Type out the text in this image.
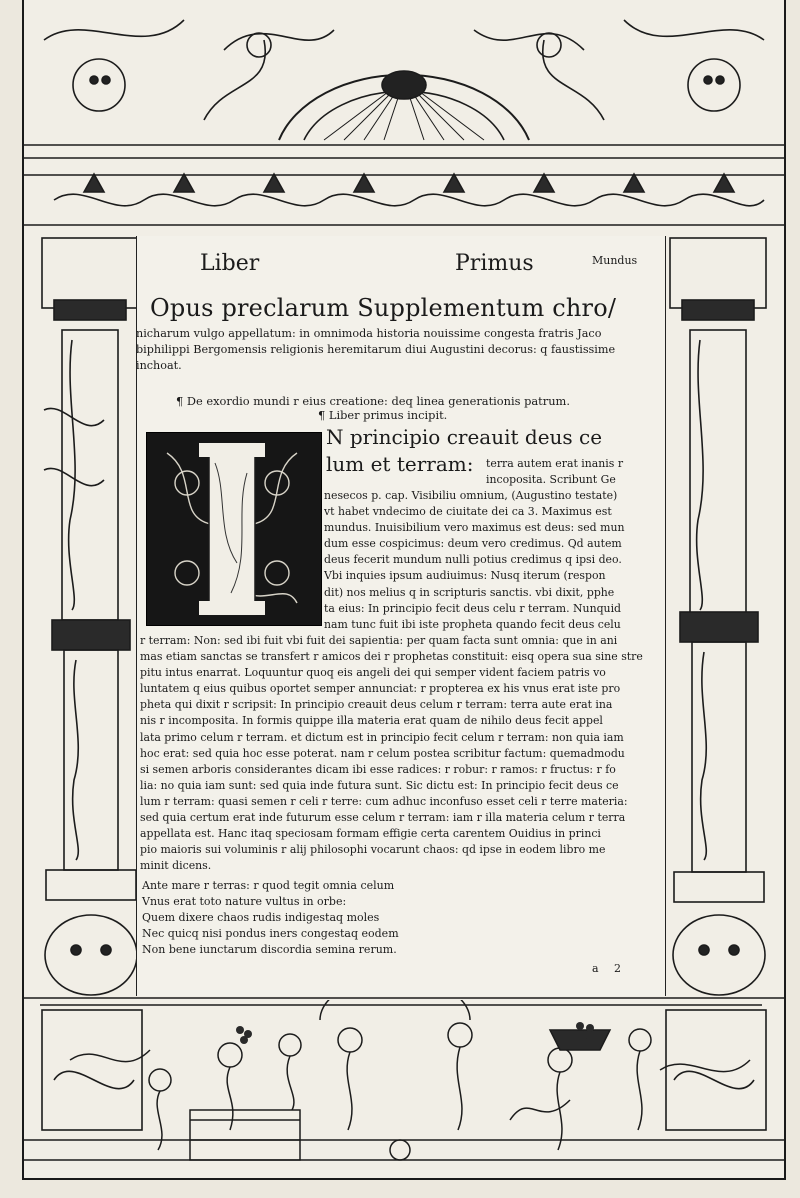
Liber	Primus	Mundus
Opus preclarum Supplementum chro/
nicharum vulgo appellatum: in omnimoda historia nouissime congesta fratris Jaco
biphilippi Bergomensis religionis heremitarum diui Augustini decorus: q faustissime
inchoat.
¶ De exordio mundi r eius creatione: deq linea generationis patrum.
¶ Liber primus incipit.
N principio creauit deus ce
lum et terram:	terra autem erat inanis r
incoposita. Scribunt Ge
nesecos p. cap. Visibiliu omnium, (Augustino testate)
vt habet vndecimo de ciuitate dei ca 3. Maximus est
mundus. Inuisibilium vero maximus est deus: sed mun
dum esse cospicimus: deum vero credimus. Qd autem
deus fecerit mundum nulli potius credimus q ipsi deo.
Vbi inquies ipsum audiuimus: Nusq iterum (respon
dit) nos melius q in scripturis sanctis. vbi dixit, pphe
ta eius: In principio fecit deus celu r terram. Nunquid
nam tunc fuit ibi iste propheta quando fecit deus celu
r terram: Non: sed ibi fuit vbi fuit dei sapientia: per quam facta sunt omnia: que in ani
mas etiam sanctas se transfert r amicos dei r prophetas constituit: eisq opera sua sine stre
pitu intus enarrat. Loquuntur quoq eis angeli dei qui semper vident faciem patris vo
luntatem q eius quibus oportet semper annunciat: r propterea ex his vnus erat iste pro
pheta qui dixit r scripsit: In principio creauit deus celum r terram: terra aute erat ina
nis r incomposita. In formis quippe illa materia erat quam de nihilo deus fecit appel
lata primo celum r terram. et dictum est in principio fecit celum r terram: non quia iam
hoc erat: sed quia hoc esse poterat. nam r celum postea scribitur factum: quemadmodu
si semen arboris considerantes dicam ibi esse radices: r robur: r ramos: r fructus: r fo
lia: no quia iam sunt: sed quia inde futura sunt. Sic dictu est: In principio fecit deus ce
lum r terram: quasi semen r celi r terre: cum adhuc inconfuso esset celi r terre materia:
sed quia certum erat inde futurum esse celum r terram: iam r illa materia celum r terra
appellata est. Hanc itaq speciosam formam effigie certa carentem Ouidius in princi
pio maioris sui voluminis r alij philosophi vocarunt chaos: qd ipse in eodem libro me
minit dicens.
Ante mare r terras: r quod tegit omnia celum
Vnus erat toto nature vultus in orbe:
Quem dixere chaos rudis indigestaq moles
Nec quicq nisi pondus iners congestaq eodem
Non bene iunctarum discordia semina rerum.
a 2
